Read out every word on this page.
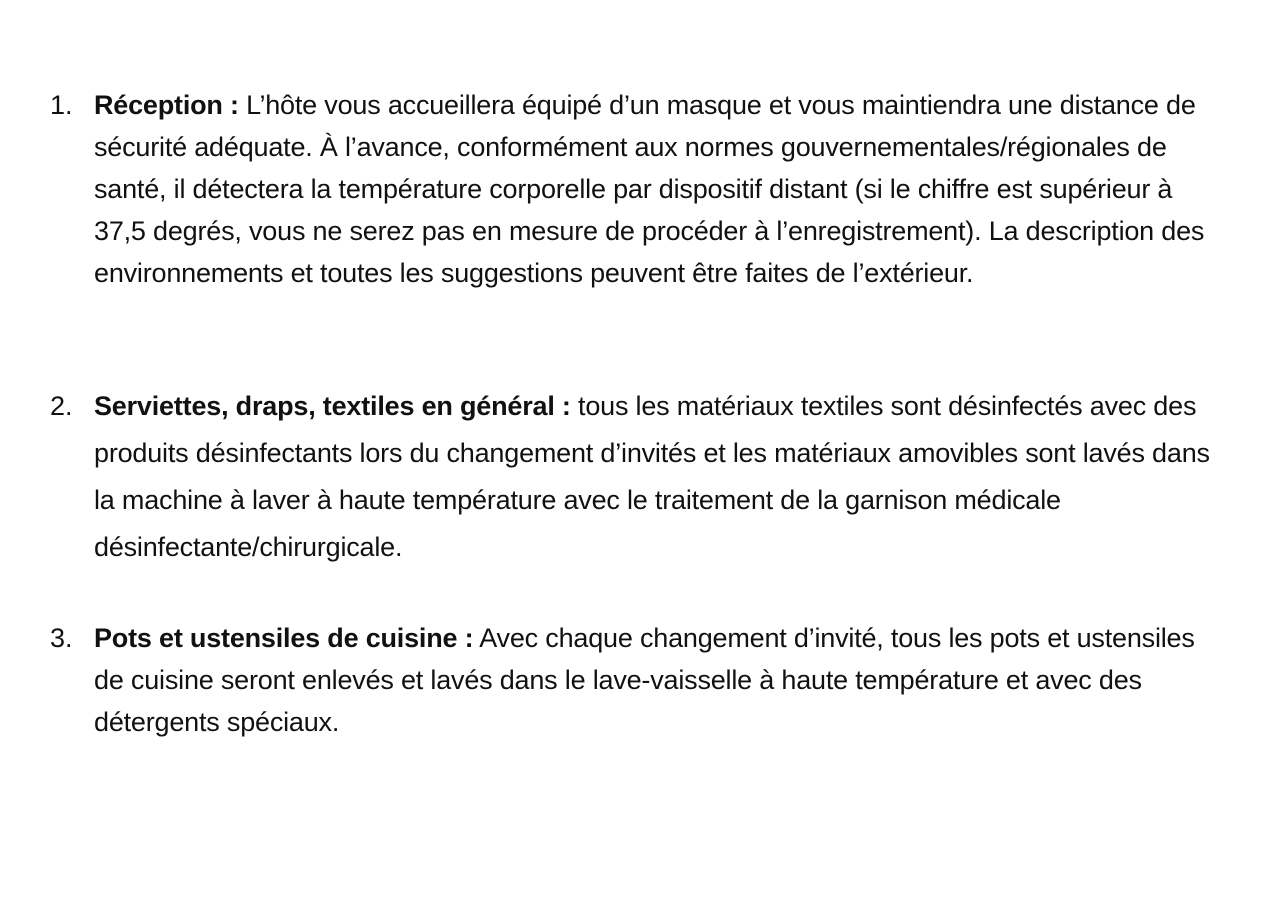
1. Réception : L’hôte vous accueillera équipé d’un masque et vous maintiendra une distance de sécurité adéquate. À l’avance, conformément aux normes gouvernementales/régionales de santé, il détectera la température corporelle par dispositif distant (si le chiffre est supérieur à 37,5 degrés, vous ne serez pas en mesure de procéder à l’enregistrement). La description des environnements et toutes les suggestions peuvent être faites de l’extérieur.
2. Serviettes, draps, textiles en général : tous les matériaux textiles sont désinfectés avec des produits désinfectants lors du changement d’invités et les matériaux amovibles sont lavés dans la machine à laver à haute température avec le traitement de la garnison médicale désinfectante/chirurgicale.
3. Pots et ustensiles de cuisine : Avec chaque changement d’invité, tous les pots et ustensiles de cuisine seront enlevés et lavés dans le lave-vaisselle à haute température et avec des détergents spéciaux.
